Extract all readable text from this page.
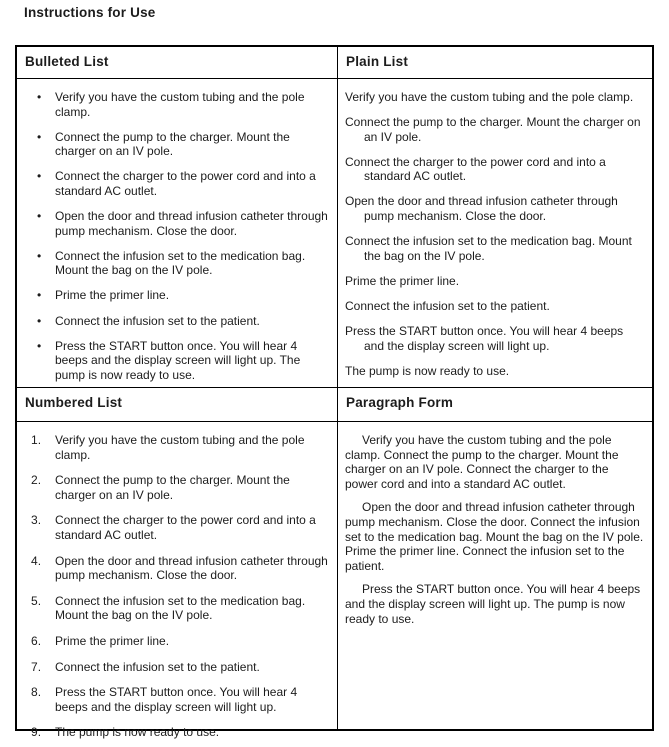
Instructions for Use
Bulleted List	Plain List
• Verify you have the custom tubing and the pole clamp.
• Connect the pump to the charger. Mount the charger on an IV pole.
• Connect the charger to the power cord and into a standard AC outlet.
• Open the door and thread infusion catheter through pump mechanism. Close the door.
• Connect the infusion set to the medication bag. Mount the bag on the IV pole.
• Prime the primer line.
• Connect the infusion set to the patient.
• Press the START button once. You will hear 4 beeps and the display screen will light up. The pump is now ready to use.
Verify you have the custom tubing and the pole clamp.
Connect the pump to the charger. Mount the charger on an IV pole.
Connect the charger to the power cord and into a standard AC outlet.
Open the door and thread infusion catheter through pump mechanism. Close the door.
Connect the infusion set to the medication bag. Mount the bag on the IV pole.
Prime the primer line.
Connect the infusion set to the patient.
Press the START button once. You will hear 4 beeps and the display screen will light up.
The pump is now ready to use.
Numbered List	Paragraph Form
Verify you have the custom tubing and the pole clamp.
Connect the pump to the charger. Mount the charger on an IV pole.
Connect the charger to the power cord and into a standard AC outlet.
Open the door and thread infusion catheter through pump mechanism. Close the door.
Connect the infusion set to the medication bag. Mount the bag on the IV pole.
Prime the primer line.
Connect the infusion set to the patient.
Press the START button once. You will hear 4 beeps and the display screen will light up.
The pump is now ready to use.
Verify you have the custom tubing and the pole clamp. Connect the pump to the charger. Mount the charger on an IV pole. Connect the charger to the power cord and into a standard AC outlet.
Open the door and thread infusion catheter through pump mechanism. Close the door. Connect the infusion set to the medication bag. Mount the bag on the IV pole. Prime the primer line. Connect the infusion set to the patient.
Press the START button once. You will hear 4 beeps and the display screen will light up. The pump is now ready to use.
